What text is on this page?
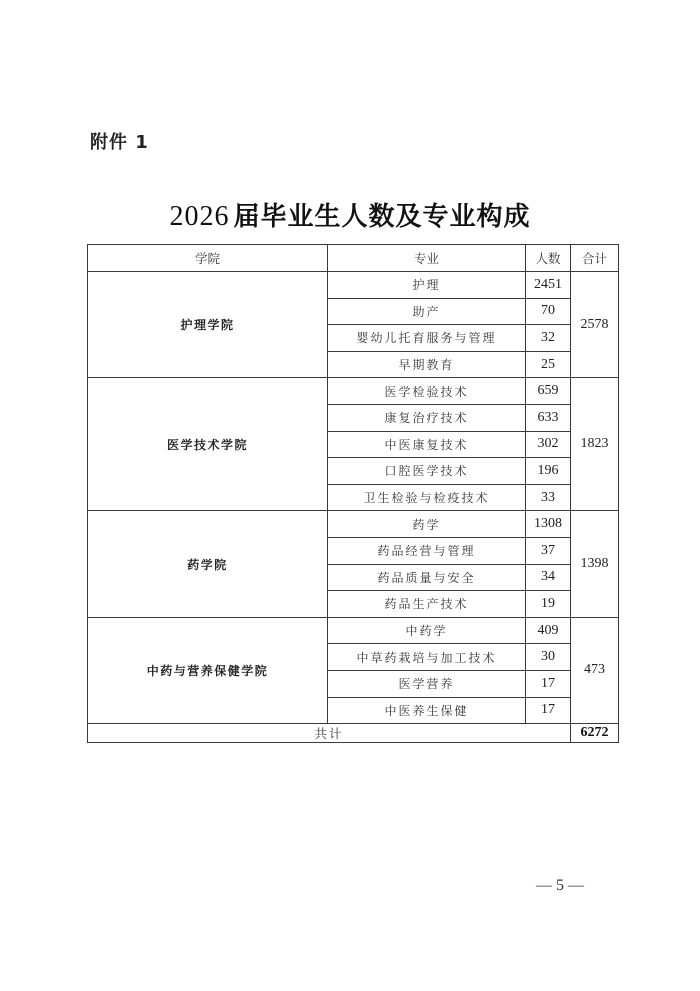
附件 1
2026 届毕业生人数及专业构成
学院	专业	人数	合计
护理学院	护理	2451	2578
	助产	70	
	婴幼儿托育服务与管理	32	
	早期教育	25	
医学技术学院	医学检验技术	659	1823
	康复治疗技术	633	
	中医康复技术	302	
	口腔医学技术	196	
	卫生检验与检疫技术	33	
药学院	药学	1308	1398
	药品经营与管理	37	
	药品质量与安全	34	
	药品生产技术	19	
中药与营养保健学院	中药学	409	473
	中草药栽培与加工技术	30	
	医学营养	17	
	中医养生保健	17	
共计			6272
— 5 —
